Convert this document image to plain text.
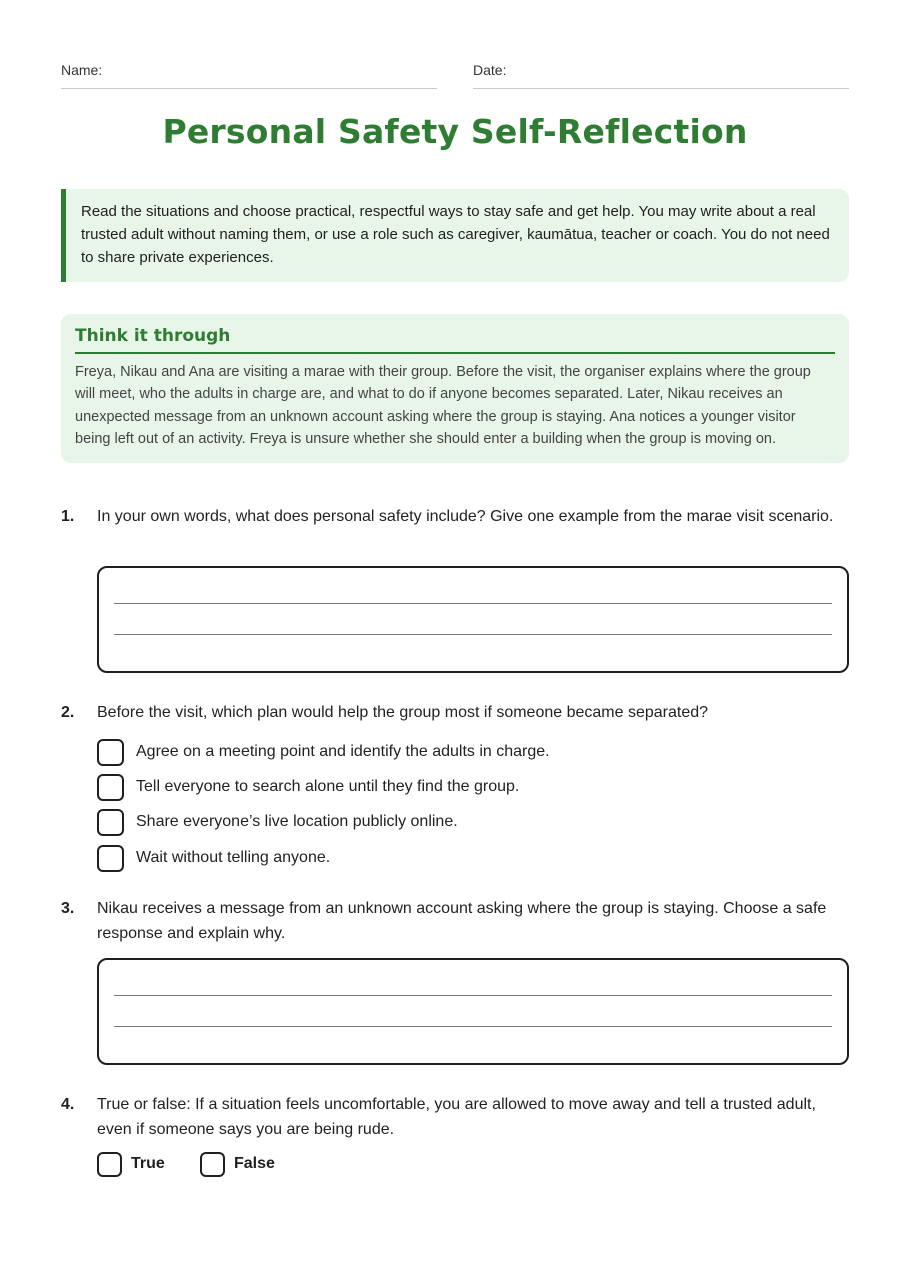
Name:	Date:
Personal Safety Self-Reflection
Read the situations and choose practical, respectful ways to stay safe and get help. You may write about a real trusted adult without naming them, or use a role such as caregiver, kaumātua, teacher or coach. You do not need to share private experiences.
Think it through
Freya, Nikau and Ana are visiting a marae with their group. Before the visit, the organiser explains where the group will meet, who the adults in charge are, and what to do if anyone becomes separated. Later, Nikau receives an unexpected message from an unknown account asking where the group is staying. Ana notices a younger visitor being left out of an activity. Freya is unsure whether she should enter a building when the group is moving on.
1. In your own words, what does personal safety include? Give one example from the marae visit scenario.
2. Before the visit, which plan would help the group most if someone became separated?
Agree on a meeting point and identify the adults in charge.
Tell everyone to search alone until they find the group.
Share everyone’s live location publicly online.
Wait without telling anyone.
3. Nikau receives a message from an unknown account asking where the group is staying. Choose a safe response and explain why.
4. True or false: If a situation feels uncomfortable, you are allowed to move away and tell a trusted adult, even if someone says you are being rude.
True	False
